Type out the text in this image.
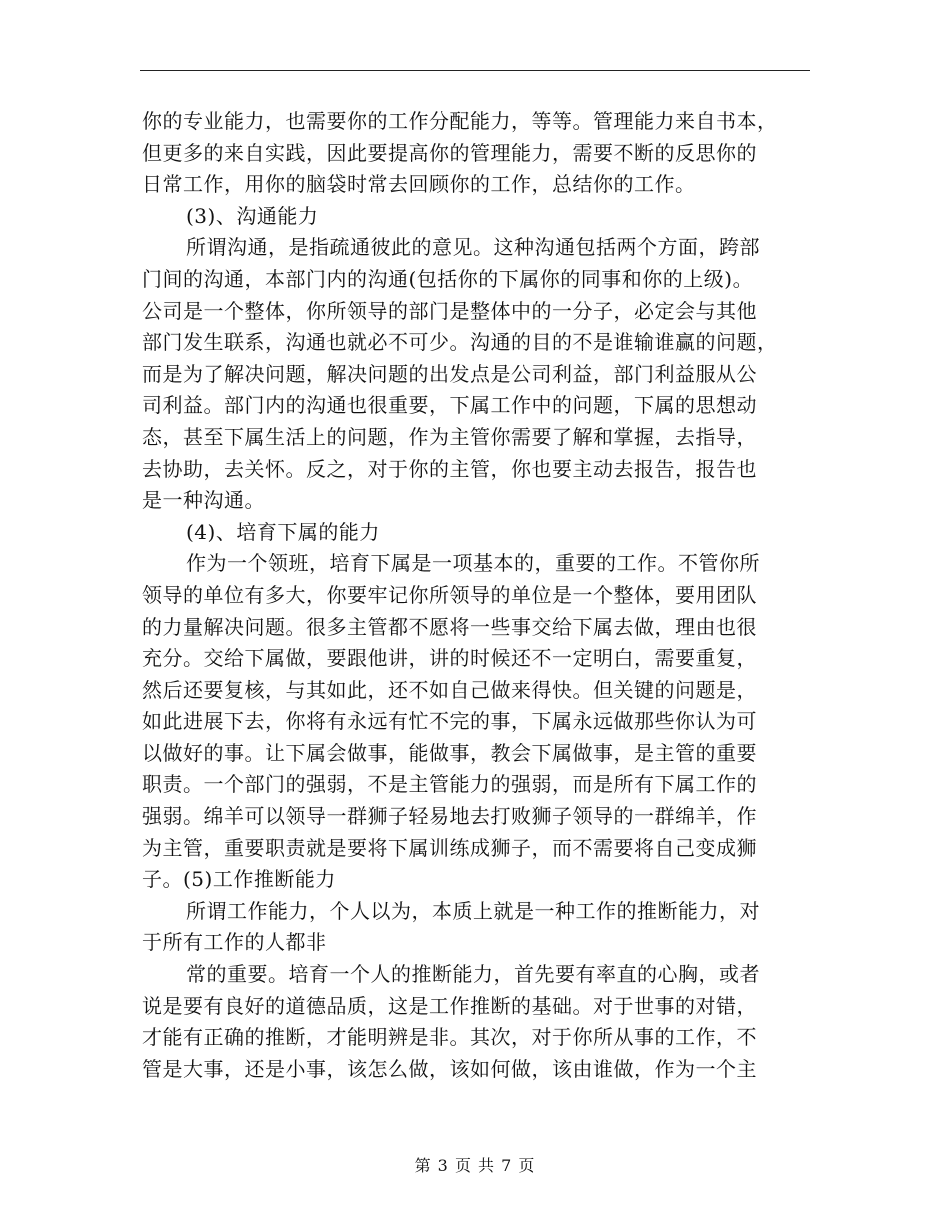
你的专业能力，也需要你的工作分配能力，等等。管理能力来自书本，
但更多的来自实践，因此要提高你的管理能力，需要不断的反思你的
日常工作，用你的脑袋时常去回顾你的工作，总结你的工作。
(3)、沟通能力
所谓沟通，是指疏通彼此的意见。这种沟通包括两个方面，跨部
门间的沟通，本部门内的沟通(包括你的下属你的同事和你的上级)。
公司是一个整体，你所领导的部门是整体中的一分子，必定会与其他
部门发生联系，沟通也就必不可少。沟通的目的不是谁输谁赢的问题，
而是为了解决问题，解决问题的出发点是公司利益，部门利益服从公
司利益。部门内的沟通也很重要，下属工作中的问题，下属的思想动
态，甚至下属生活上的问题，作为主管你需要了解和掌握，去指导，
去协助，去关怀。反之，对于你的主管，你也要主动去报告，报告也
是一种沟通。
(4)、培育下属的能力
作为一个领班，培育下属是一项基本的，重要的工作。不管你所
领导的单位有多大，你要牢记你所领导的单位是一个整体，要用团队
的力量解决问题。很多主管都不愿将一些事交给下属去做，理由也很
充分。交给下属做，要跟他讲，讲的时候还不一定明白，需要重复，
然后还要复核，与其如此，还不如自己做来得快。但关键的问题是，
如此进展下去，你将有永远有忙不完的事，下属永远做那些你认为可
以做好的事。让下属会做事，能做事，教会下属做事，是主管的重要
职责。一个部门的强弱，不是主管能力的强弱，而是所有下属工作的
强弱。绵羊可以领导一群狮子轻易地去打败狮子领导的一群绵羊，作
为主管，重要职责就是要将下属训练成狮子，而不需要将自己变成狮
子。(5)工作推断能力
所谓工作能力，个人以为，本质上就是一种工作的推断能力，对
于所有工作的人都非
常的重要。培育一个人的推断能力，首先要有率直的心胸，或者
说是要有良好的道德品质，这是工作推断的基础。对于世事的对错，
才能有正确的推断，才能明辨是非。其次，对于你所从事的工作，不
管是大事，还是小事，该怎么做，该如何做，该由谁做，作为一个主
第 3 页 共 7 页
